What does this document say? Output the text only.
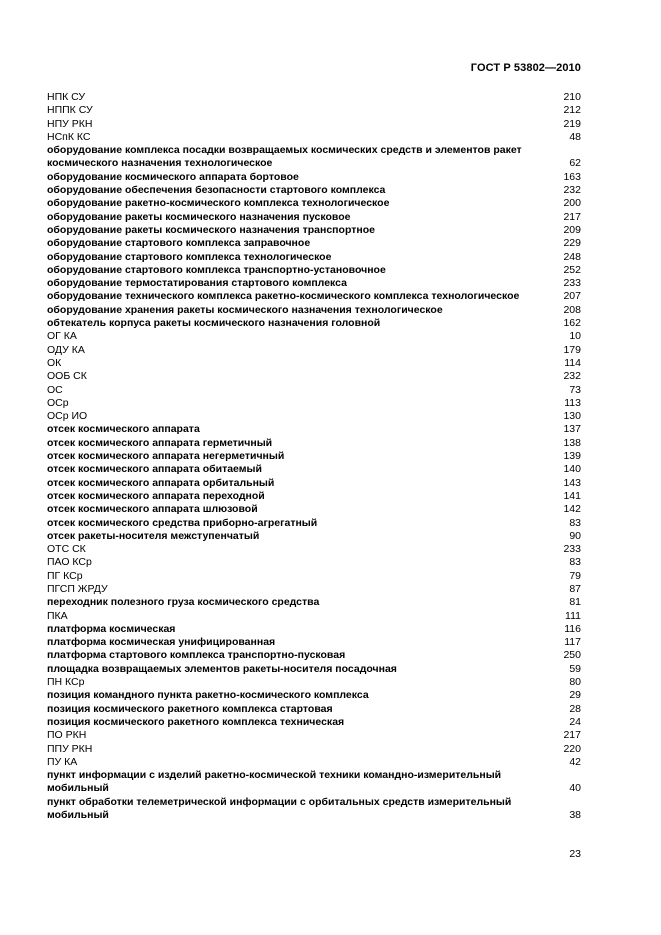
ГОСТ Р 53802—2010
НПК СУ	210
НППК СУ	212
НПУ РКН	219
НСпК КС	48
оборудование комплекса посадки возвращаемых космических средств и элементов ракет космического назначения технологическое	62
оборудование космического аппарата бортовое	163
оборудование обеспечения безопасности стартового комплекса	232
оборудование ракетно-космического комплекса технологическое	200
оборудование ракеты космического назначения пусковое	217
оборудование ракеты космического назначения транспортное	209
оборудование стартового комплекса заправочное	229
оборудование стартового комплекса технологическое	248
оборудование стартового комплекса транспортно-установочное	252
оборудование термостатирования стартового комплекса	233
оборудование технического комплекса ракетно-космического комплекса технологическое	207
оборудование хранения ракеты космического назначения технологическое	208
обтекатель корпуса ракеты космического назначения головной	162
ОГ КА	10
ОДУ КА	179
ОК	114
ООБ СК	232
ОС	73
ОСр	113
ОСр ИО	130
отсек космического аппарата	137
отсек космического аппарата герметичный	138
отсек космического аппарата негерметичный	139
отсек космического аппарата обитаемый	140
отсек космического аппарата орбитальный	143
отсек космического аппарата переходной	141
отсек космического аппарата шлюзовой	142
отсек космического средства приборно-агрегатный	83
отсек ракеты-носителя межступенчатый	90
ОТС СК	233
ПАО КСр	83
ПГ КСр	79
ПГСП ЖРДУ	87
переходник полезного груза космического средства	81
ПКА	111
платформа космическая	116
платформа космическая унифицированная	117
платформа стартового комплекса транспортно-пусковая	250
площадка возвращаемых элементов ракеты-носителя посадочная	59
ПН КСр	80
позиция командного пункта ракетно-космического комплекса	29
позиция космического ракетного комплекса стартовая	28
позиция космического ракетного комплекса техническая	24
ПО РКН	217
ППУ РКН	220
ПУ КА	42
пункт информации с изделий ракетно-космической техники командно-измерительный мобильный	40
пункт обработки телеметрической информации с орбитальных средств измерительный мобильный	38
23
